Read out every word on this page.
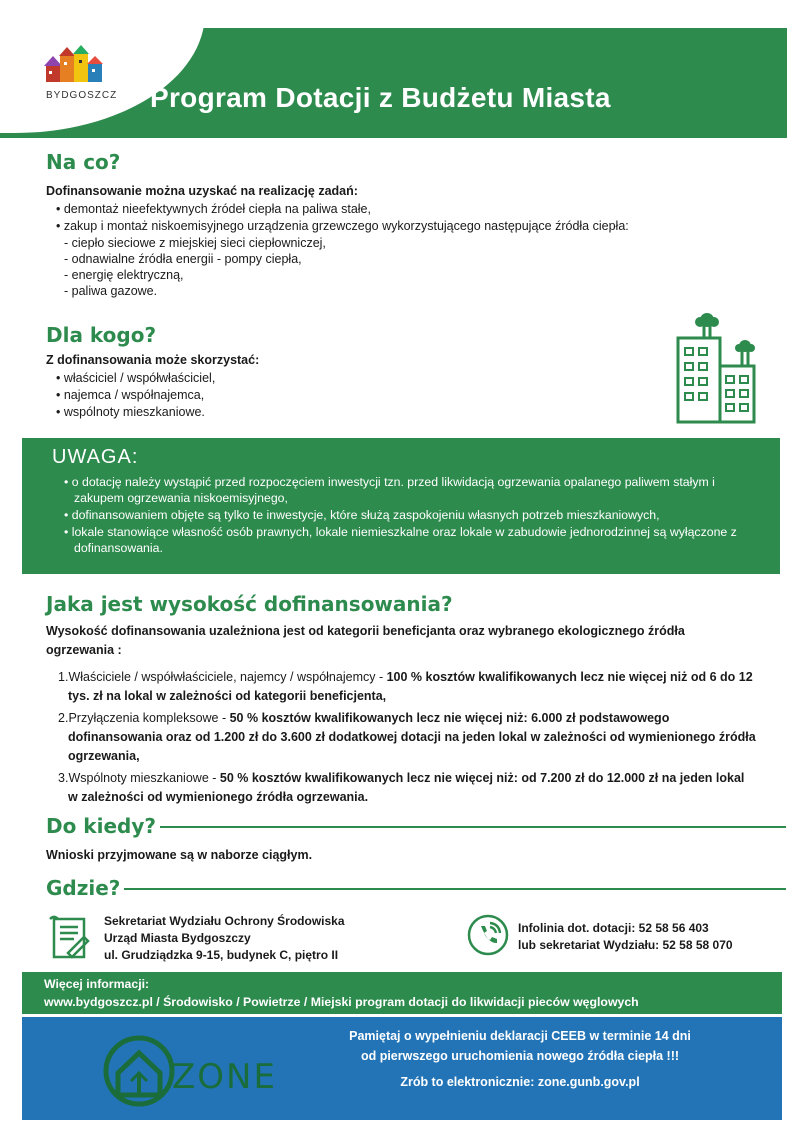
BYDGOSZCZ Program Dotacji z Budżetu Miasta
Na co?
Dofinansowanie można uzyskać na realizację zadań:
• demontaż nieefektywnych źródeł ciepła na paliwa stałe,
• zakup i montaż niskoemisyjnego urządzenia grzewczego wykorzystującego następujące źródła ciepła:
- ciepło sieciowe z miejskiej sieci ciepłowniczej,
- odnawialne źródła energii - pompy ciepła,
- energię elektryczną,
- paliwa gazowe.
Dla kogo?
Z dofinansowania może skorzystać:
• właściciel / współwłaściciel,
• najemca / współnajemca,
• wspólnoty mieszkaniowe.
UWAGA:
• o dotację należy wystąpić przed rozpoczęciem inwestycji tzn. przed likwidacją ogrzewania opalanego paliwem stałym i zakupem ogrzewania niskoemisyjnego,
• dofinansowaniem objęte są tylko te inwestycje, które służą zaspokojeniu własnych potrzeb mieszkaniowych,
• lokale stanowiące własność osób prawnych, lokale niemieszkalne oraz lokale w zabudowie jednorodzinnej są wyłączone z dofinansowania.
Jaka jest wysokość dofinansowania?
Wysokość dofinansowania uzależniona jest od kategorii beneficjanta oraz wybranego ekologicznego źródła ogrzewania :
1.Właściciele / współwłaściciele, najemcy / współnajemcy - 100 % kosztów kwalifikowanych lecz nie więcej niż od 6 do 12 tys. zł na lokal w zależności od kategorii beneficjenta,
2.Przyłączenia kompleksowe - 50 % kosztów kwalifikowanych lecz nie więcej niż: 6.000 zł podstawowego dofinansowania oraz od 1.200 zł do 3.600 zł dodatkowej dotacji na jeden lokal w zależności od wymienionego źródła ogrzewania,
3.Wspólnoty mieszkaniowe - 50 % kosztów kwalifikowanych lecz nie więcej niż: od 7.200 zł do 12.000 zł na jeden lokal w zależności od wymienionego źródła ogrzewania.
Do kiedy?
Wnioski przyjmowane są w naborze ciągłym.
Gdzie?
Sekretariat Wydziału Ochrony Środowiska
Urząd Miasta Bydgoszczy
ul. Grudziądzka 9-15, budynek C, piętro II
Infolinia dot. dotacji: 52 58 56 403
lub sekretariat Wydziału: 52 58 58 070
Więcej informacji:
www.bydgoszcz.pl / Środowisko / Powietrze / Miejski program dotacji do likwidacji pieców węglowych
ZONE
Pamiętaj o wypełnieniu deklaracji CEEB w terminie 14 dni
od pierwszego uruchomienia nowego źródła ciepła !!!
Zrób to elektronicznie: zone.gunb.gov.pl
